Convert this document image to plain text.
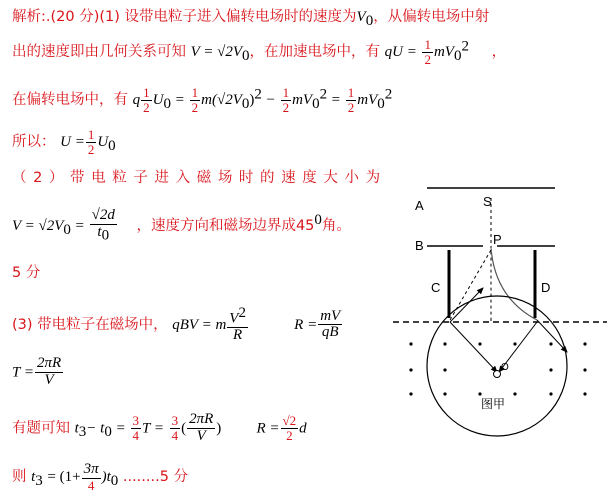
解析:.(20 分)(1) 设带电粒子进入偏转电场时的速度为$V_0$，从偏转电场中射
出的速度即由几何关系可知 $V = √2V_0$，在加速电场中，有 qU = $\frac{1}{2} mV_0^2$ ，
在偏转电场中，有 q $\frac{1}{2} U_0 = \frac{1}{2} m(√2V_0)^2 - \frac{1}{2} mV_0^2 = \frac{1}{2} mV_0^2$
所以： $U = \frac{1}{2} U_0$
（ 2 ） 带 电 粒 子 进 入 磁 场 时 的 速 度 大 小 为
$V = √2V_0 = \frac{√2d}{t_0}$ ，速度方向和磁场边界成$45^0$角。
5 分
(3) 带电粒子在磁场中， qBV = m $\frac{V^2}{R}$	$R = \frac{mV}{qB}$
$T = \frac{2\pi R}{V}$
有题可知 $t_3- t_0 = \frac{3}{4}$ $T = \frac{3}{4}$ ( $\frac{2\pi R}{V}$ ) $R = \frac{√2}{2}$ d
则 $t_3 = (1+ \frac{3\pi}{4} )t_0$ ........5 分
A	S
B	P
C	D
O
图甲
